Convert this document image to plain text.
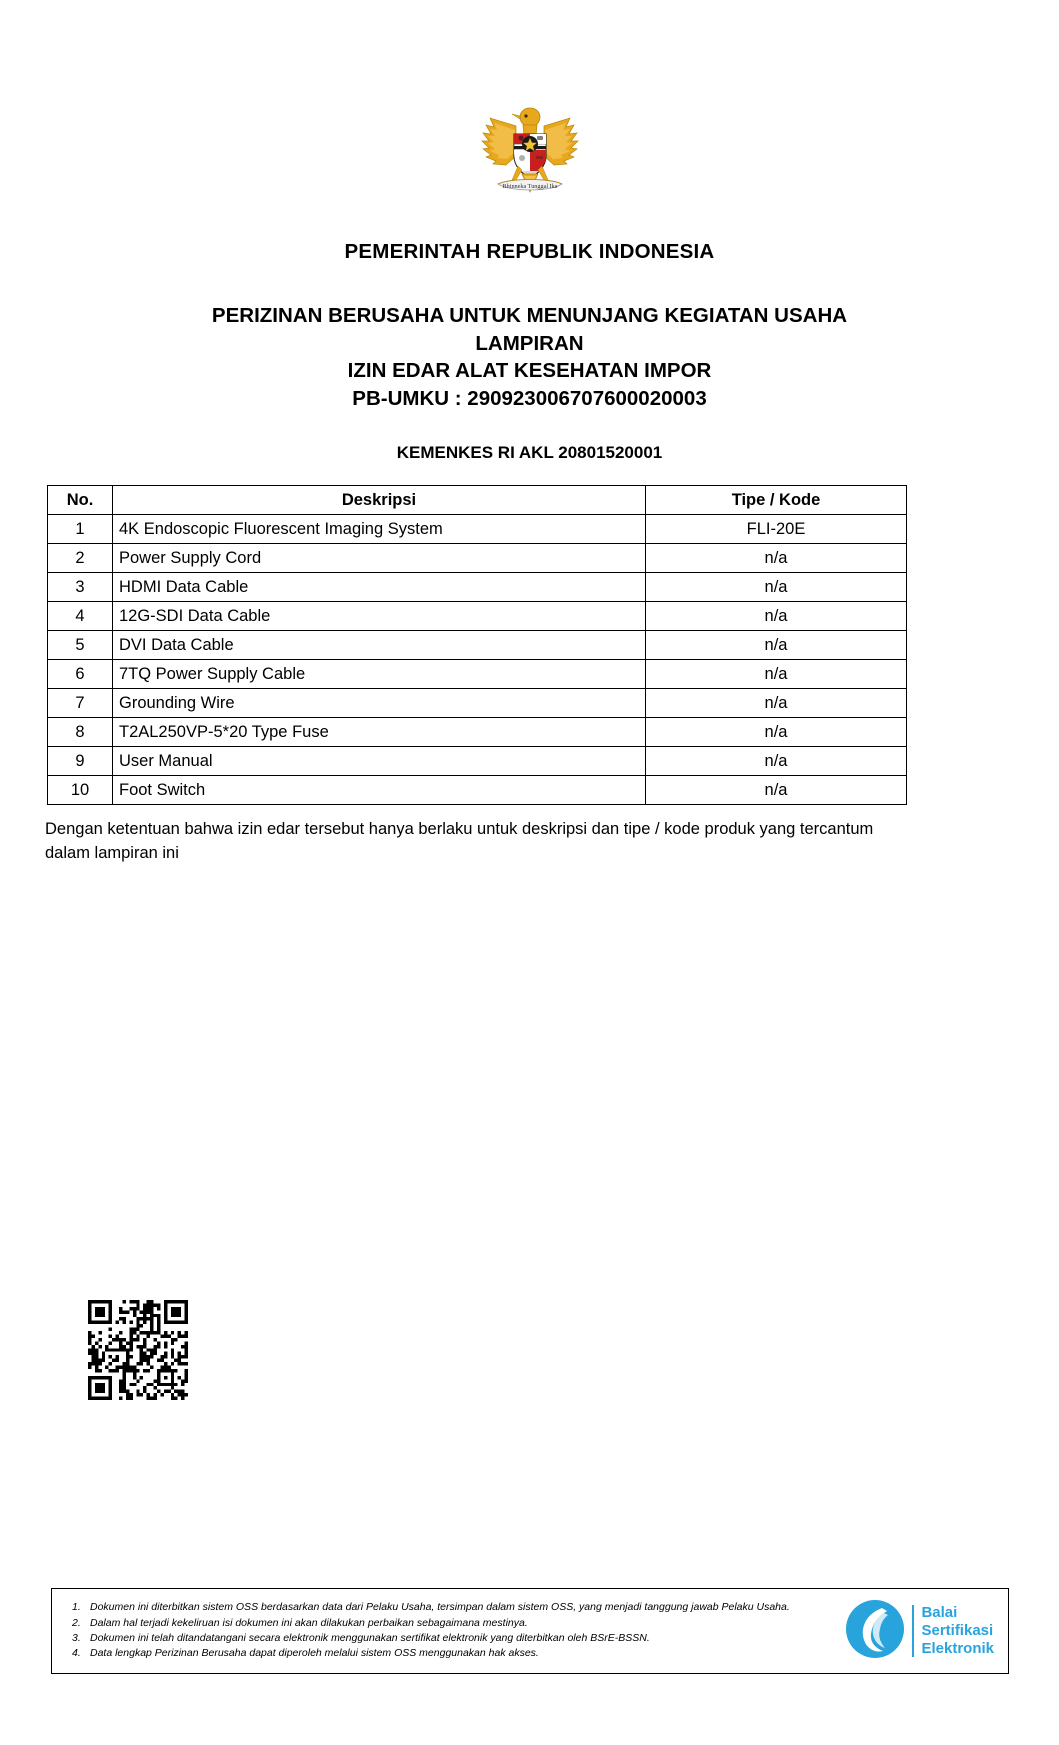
Bhinneka Tunggal Ika
PEMERINTAH REPUBLIK INDONESIA
PERIZINAN BERUSAHA UNTUK MENUNJANG KEGIATAN USAHA
LAMPIRAN
IZIN EDAR ALAT KESEHATAN IMPOR
PB-UMKU : 290923006707600020003
KEMENKES RI AKL 20801520001
No.	Deskripsi	Tipe / Kode
1	4K Endoscopic Fluorescent Imaging System	FLI-20E
2	Power Supply Cord	n/a
3	HDMI Data Cable	n/a
4	12G-SDI Data Cable	n/a
5	DVI Data Cable	n/a
6	7TQ Power Supply Cable	n/a
7	Grounding Wire	n/a
8	T2AL250VP-5*20 Type Fuse	n/a
9	User Manual	n/a
10	Foot Switch	n/a
Dengan ketentuan bahwa izin edar tersebut hanya berlaku untuk deskripsi dan tipe / kode produk yang tercantum dalam lampiran ini
1. Dokumen ini diterbitkan sistem OSS berdasarkan data dari Pelaku Usaha, tersimpan dalam sistem OSS, yang menjadi tanggung jawab Pelaku Usaha.
2. Dalam hal terjadi kekeliruan isi dokumen ini akan dilakukan perbaikan sebagaimana mestinya.
3. Dokumen ini telah ditandatangani secara elektronik menggunakan sertifikat elektronik yang diterbitkan oleh BSrE-BSSN.
4. Data lengkap Perizinan Berusaha dapat diperoleh melalui sistem OSS menggunakan hak akses.
Balai
Sertifikasi
Elektronik
